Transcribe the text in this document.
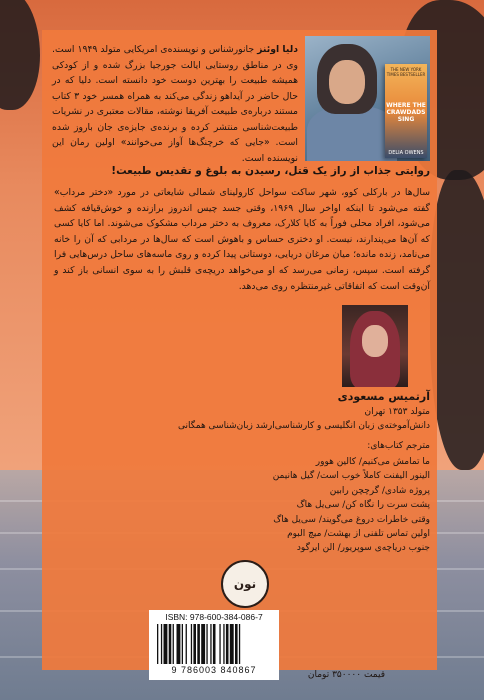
THE NEW YORK TIMES BESTSELLER
WHERE THE CRAWDADS SING
DELIA OWENS
دلیا اوئنز جانورشناس و نویسنده‌ی امریکایی متولد ۱۹۴۹ است. وی در مناطق روستایی ایالت جورجیا بزرگ شده و از کودکی همیشه طبیعت را بهترین دوست خود دانسته است. دلیا که در حال حاضر در آیداهو زندگی می‌کند به همراه همسر خود ۳ کتاب مستند درباره‌ی طبیعت آفریقا نوشته، مقالات معتبری در نشریات طبیعت‌شناسی منتشر کرده و برنده‌ی جایزه‌ی جان باروز شده است. «جایی که خرچنگ‌ها آواز می‌خوانند» اولین رمان این نویسنده است.
روایتی جذاب از راز یک قتل، رسیدن به بلوغ و تقدیس طبیعت!
سال‌ها در بارکلی کوو، شهر ساکت سواحل کارولینای شمالی شایعاتی در مورد «دختر مرداب» گفته می‌شود تا اینکه اواخر سال ۱۹۶۹، وقتی جسد چیس اندروز برازنده و خوش‌قیافه کشف می‌شود، افراد محلی فوراً به کایا کلارک، معروف به دختر مرداب مشکوک می‌شوند. اما کایا کسی که آن‌ها می‌پندارند، نیست. او دختری حساس و باهوش است که سال‌ها در مردابی که آن را خانه می‌نامد، زنده مانده؛ میان مرغان دریایی، دوستانی پیدا کرده و روی ماسه‌های ساحل درس‌هایی فرا گرفته است. سپس، زمانی می‌رسد که او می‌خواهد دریچه‌ی قلبش را به سوی انسانی باز کند و آن‌وقت است که اتفاقاتی غیرمنتظره روی می‌دهد.
آرتمیس مسعودی
متولد ۱۳۵۳ تهران
دانش‌آموخته‌ی زبان انگلیسی و کارشناسی‌ارشد زبان‌شناسی همگانی
مترجم کتاب‌های:
ما تمامش می‌کنیم/ کالین هوور
الینور الیفنت کاملاً خوب است/ گیل هانیمن
پروژه شادی/ گرچچن رابین
پشت سرت را نگاه کن/ سی‌یل هاگ
وقتی خاطرات دروغ می‌گویند/ سی‌یل هاگ
اولین تماس تلفنی از بهشت/ میچ البوم
جنوب دریاچه‌ی سوپریور/ الن ایرگود
نون
ISBN: 978-600-384-086-7
9 786003 840867	قیمت ۳۵۰۰۰۰ تومان
